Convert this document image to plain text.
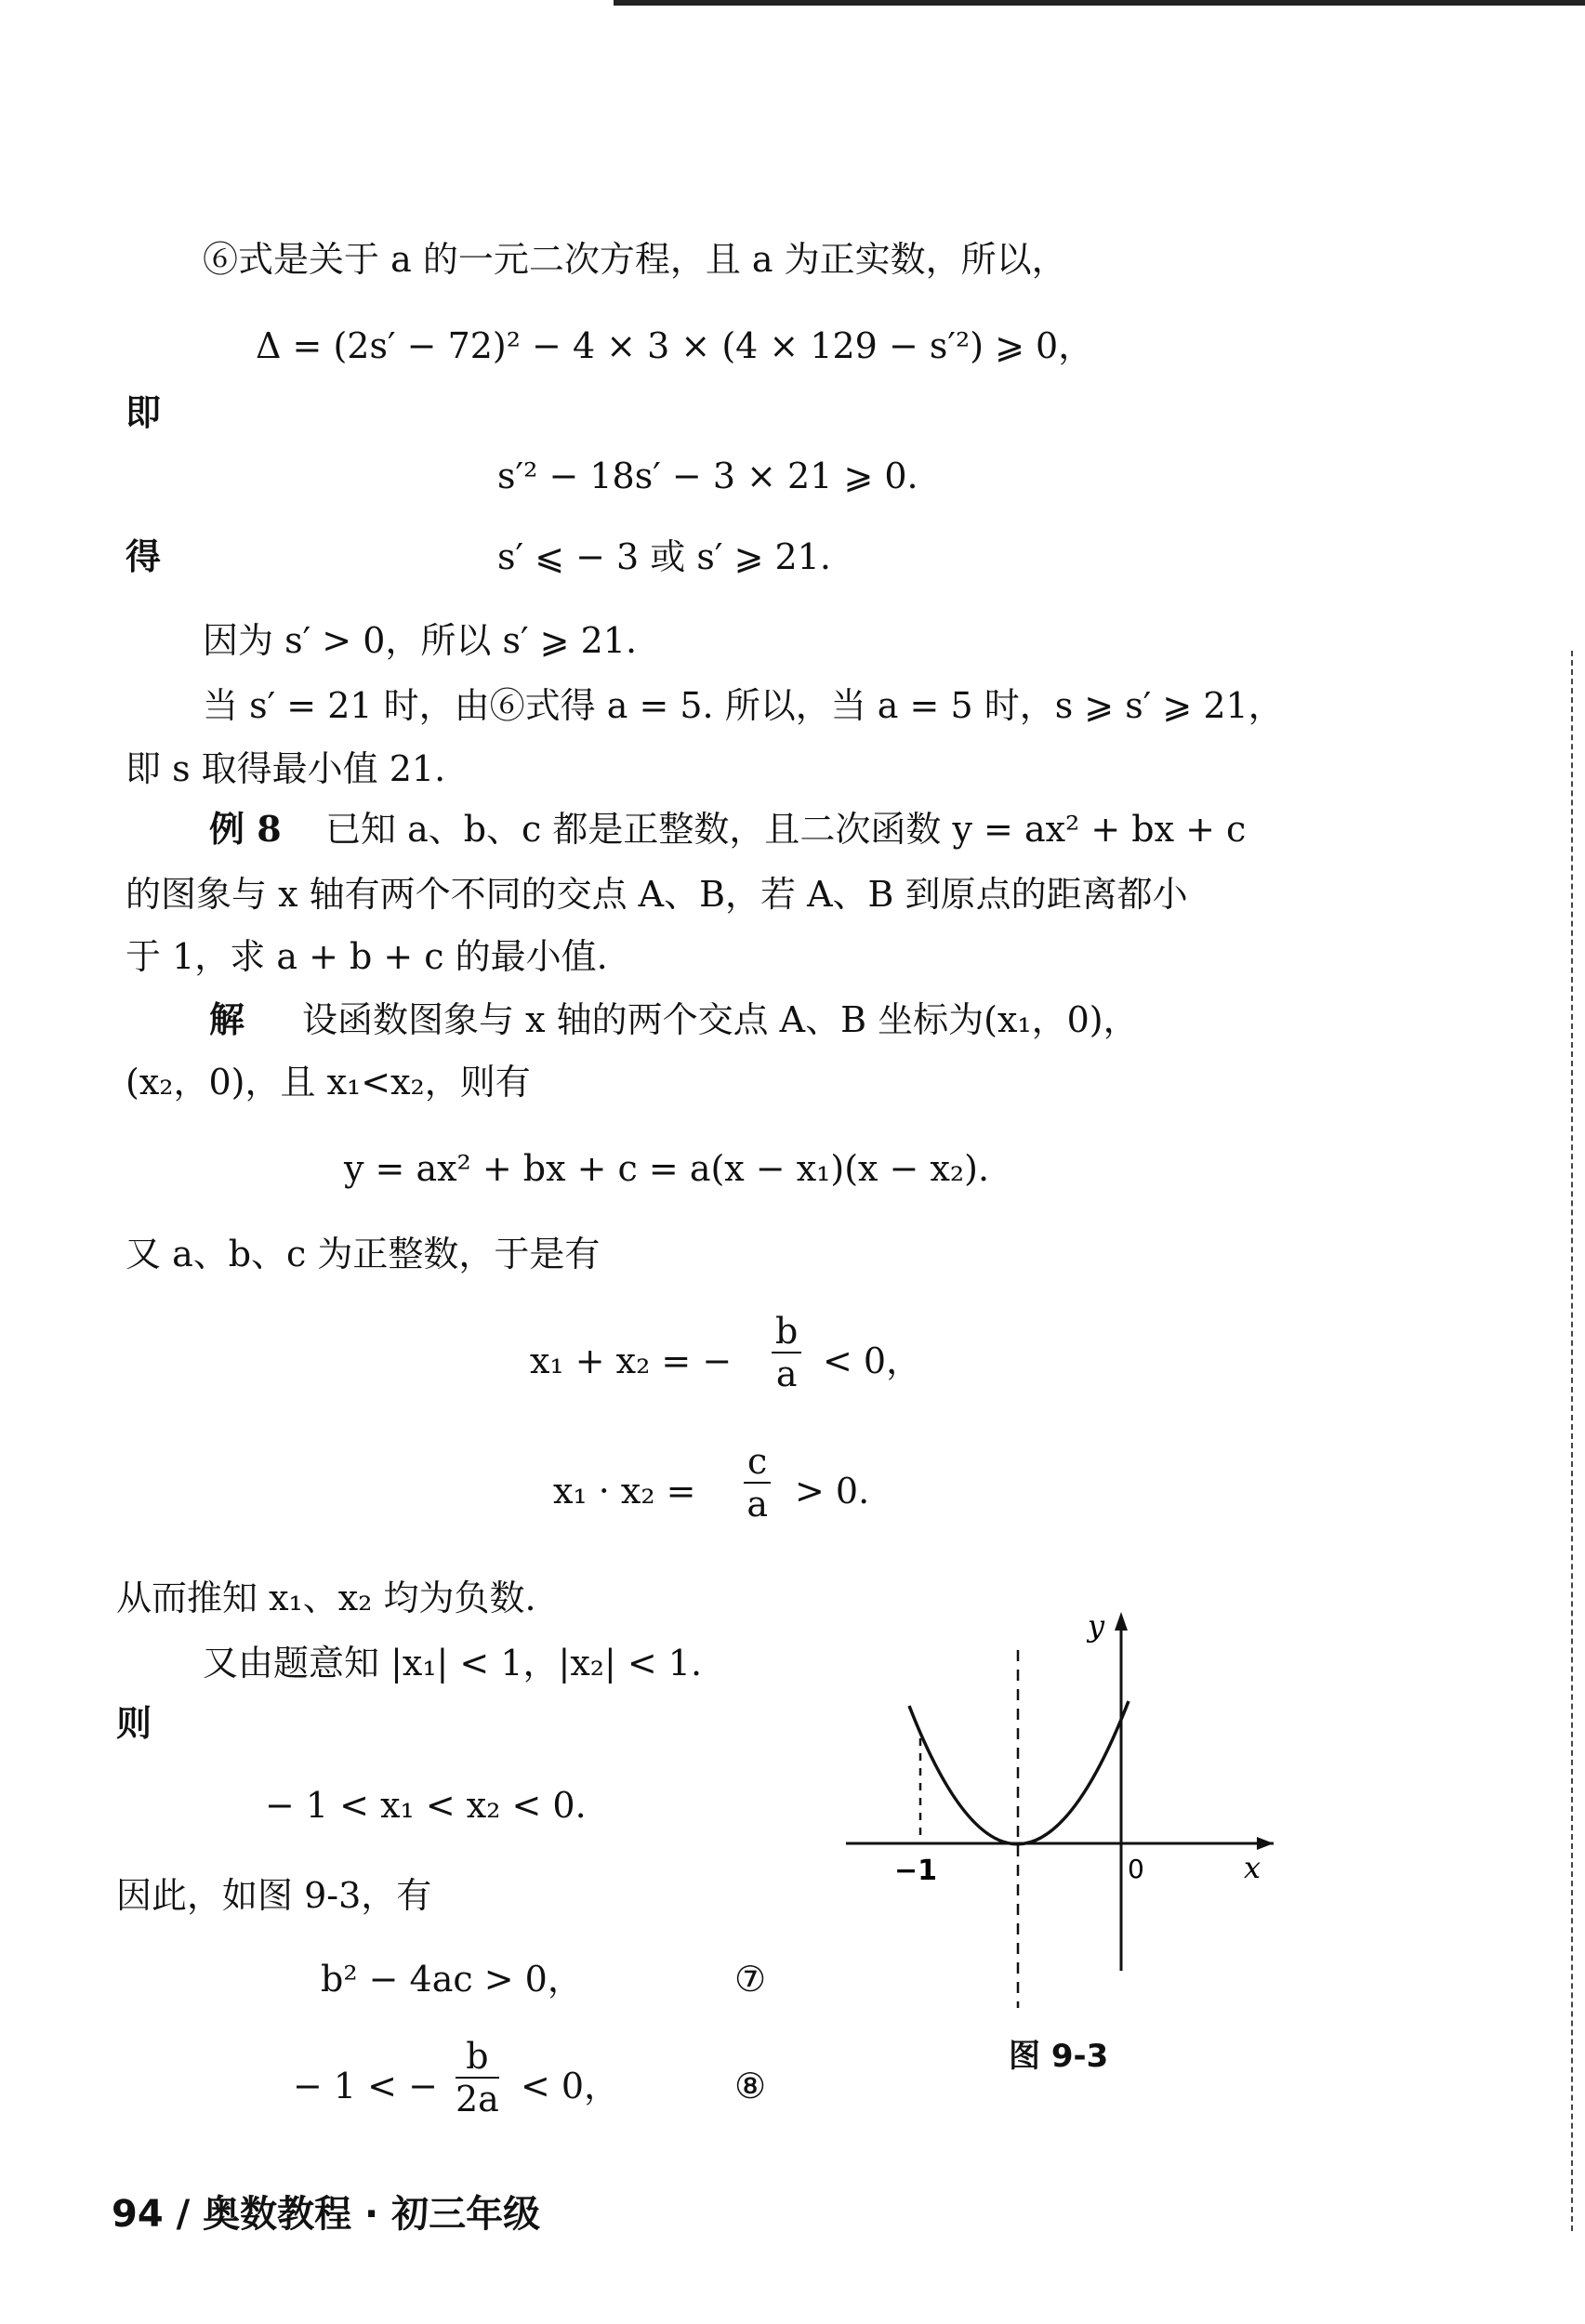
⑥式是关于 a 的一元二次方程，且 a 为正实数，所以，
Δ = (2s′ − 72)² − 4 × 3 × (4 × 129 − s′²) ⩾ 0，
即
s′² − 18s′ − 3 × 21 ⩾ 0.
得	s′ ⩽ − 3 或 s′ ⩾ 21.
因为 s′ > 0，所以 s′ ⩾ 21.
当 s′ = 21 时，由⑥式得 a = 5. 所以，当 a = 5 时，s ⩾ s′ ⩾ 21，
即 s 取得最小值 21.
例 8 已知 a、b、c 都是正整数，且二次函数 y = ax² + bx + c
的图象与 x 轴有两个不同的交点 A、B，若 A、B 到原点的距离都小
于 1，求 a + b + c 的最小值.
解 设函数图象与 x 轴的两个交点 A、B 坐标为(x₁，0)，
(x₂，0)，且 x₁<x₂，则有
y = ax² + bx + c = a(x − x₁)(x − x₂).
又 a、b、c 为正整数，于是有
x₁ + x₂ = − $\frac{b}{a} < 0$，
$x_1 \cdot x_2 = \frac{c}{a} > 0$.
从而推知 x₁、x₂ 均为负数.
又由题意知 |x₁| < 1，|x₂| < 1.
则
− 1 < x₁ < x₂ < 0.
因此，如图 9-3，有
b² − 4ac > 0，	⑦
− 1 < − $\frac{b}{2a} < 0$，	⑧
y
x
−1	0
图 9-3
94 / 奥数教程 · 初三年级
